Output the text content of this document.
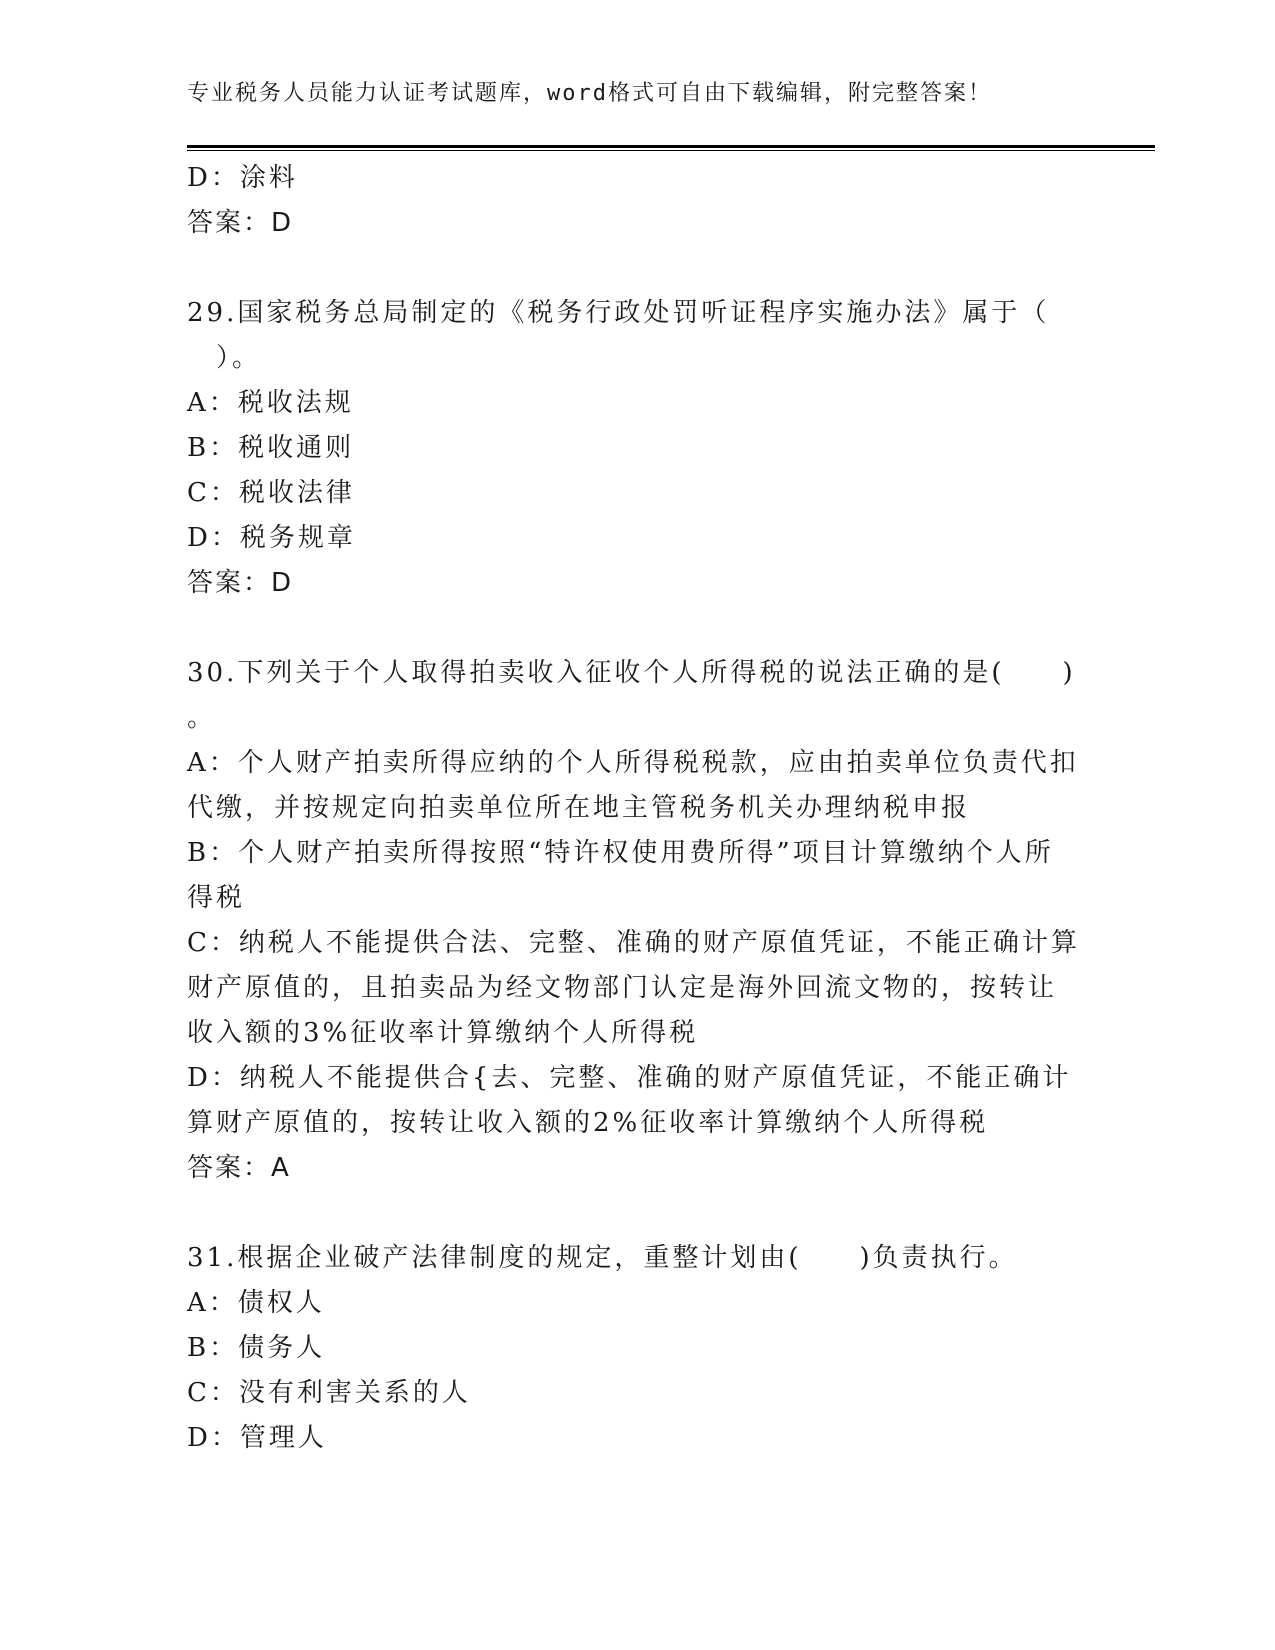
专业税务人员能力认证考试题库，word格式可自由下载编辑，附完整答案！
D：涂料
答案：D
29.国家税务总局制定的《税务行政处罚听证程序实施办法》属于（
　）。
A：税收法规
B：税收通则
C：税收法律
D：税务规章
答案：D
30.下列关于个人取得拍卖收入征收个人所得税的说法正确的是(　　)
。
A：个人财产拍卖所得应纳的个人所得税税款，应由拍卖单位负责代扣
代缴，并按规定向拍卖单位所在地主管税务机关办理纳税申报
B：个人财产拍卖所得按照“特许权使用费所得”项目计算缴纳个人所
得税
C：纳税人不能提供合法、完整、准确的财产原值凭证，不能正确计算
财产原值的，且拍卖品为经文物部门认定是海外回流文物的，按转让
收入额的3%征收率计算缴纳个人所得税
D：纳税人不能提供合{去、完整、准确的财产原值凭证，不能正确计
算财产原值的，按转让收入额的2%征收率计算缴纳个人所得税
答案：A
31.根据企业破产法律制度的规定，重整计划由(　　)负责执行。
A：债权人
B：债务人
C：没有利害关系的人
D：管理人
